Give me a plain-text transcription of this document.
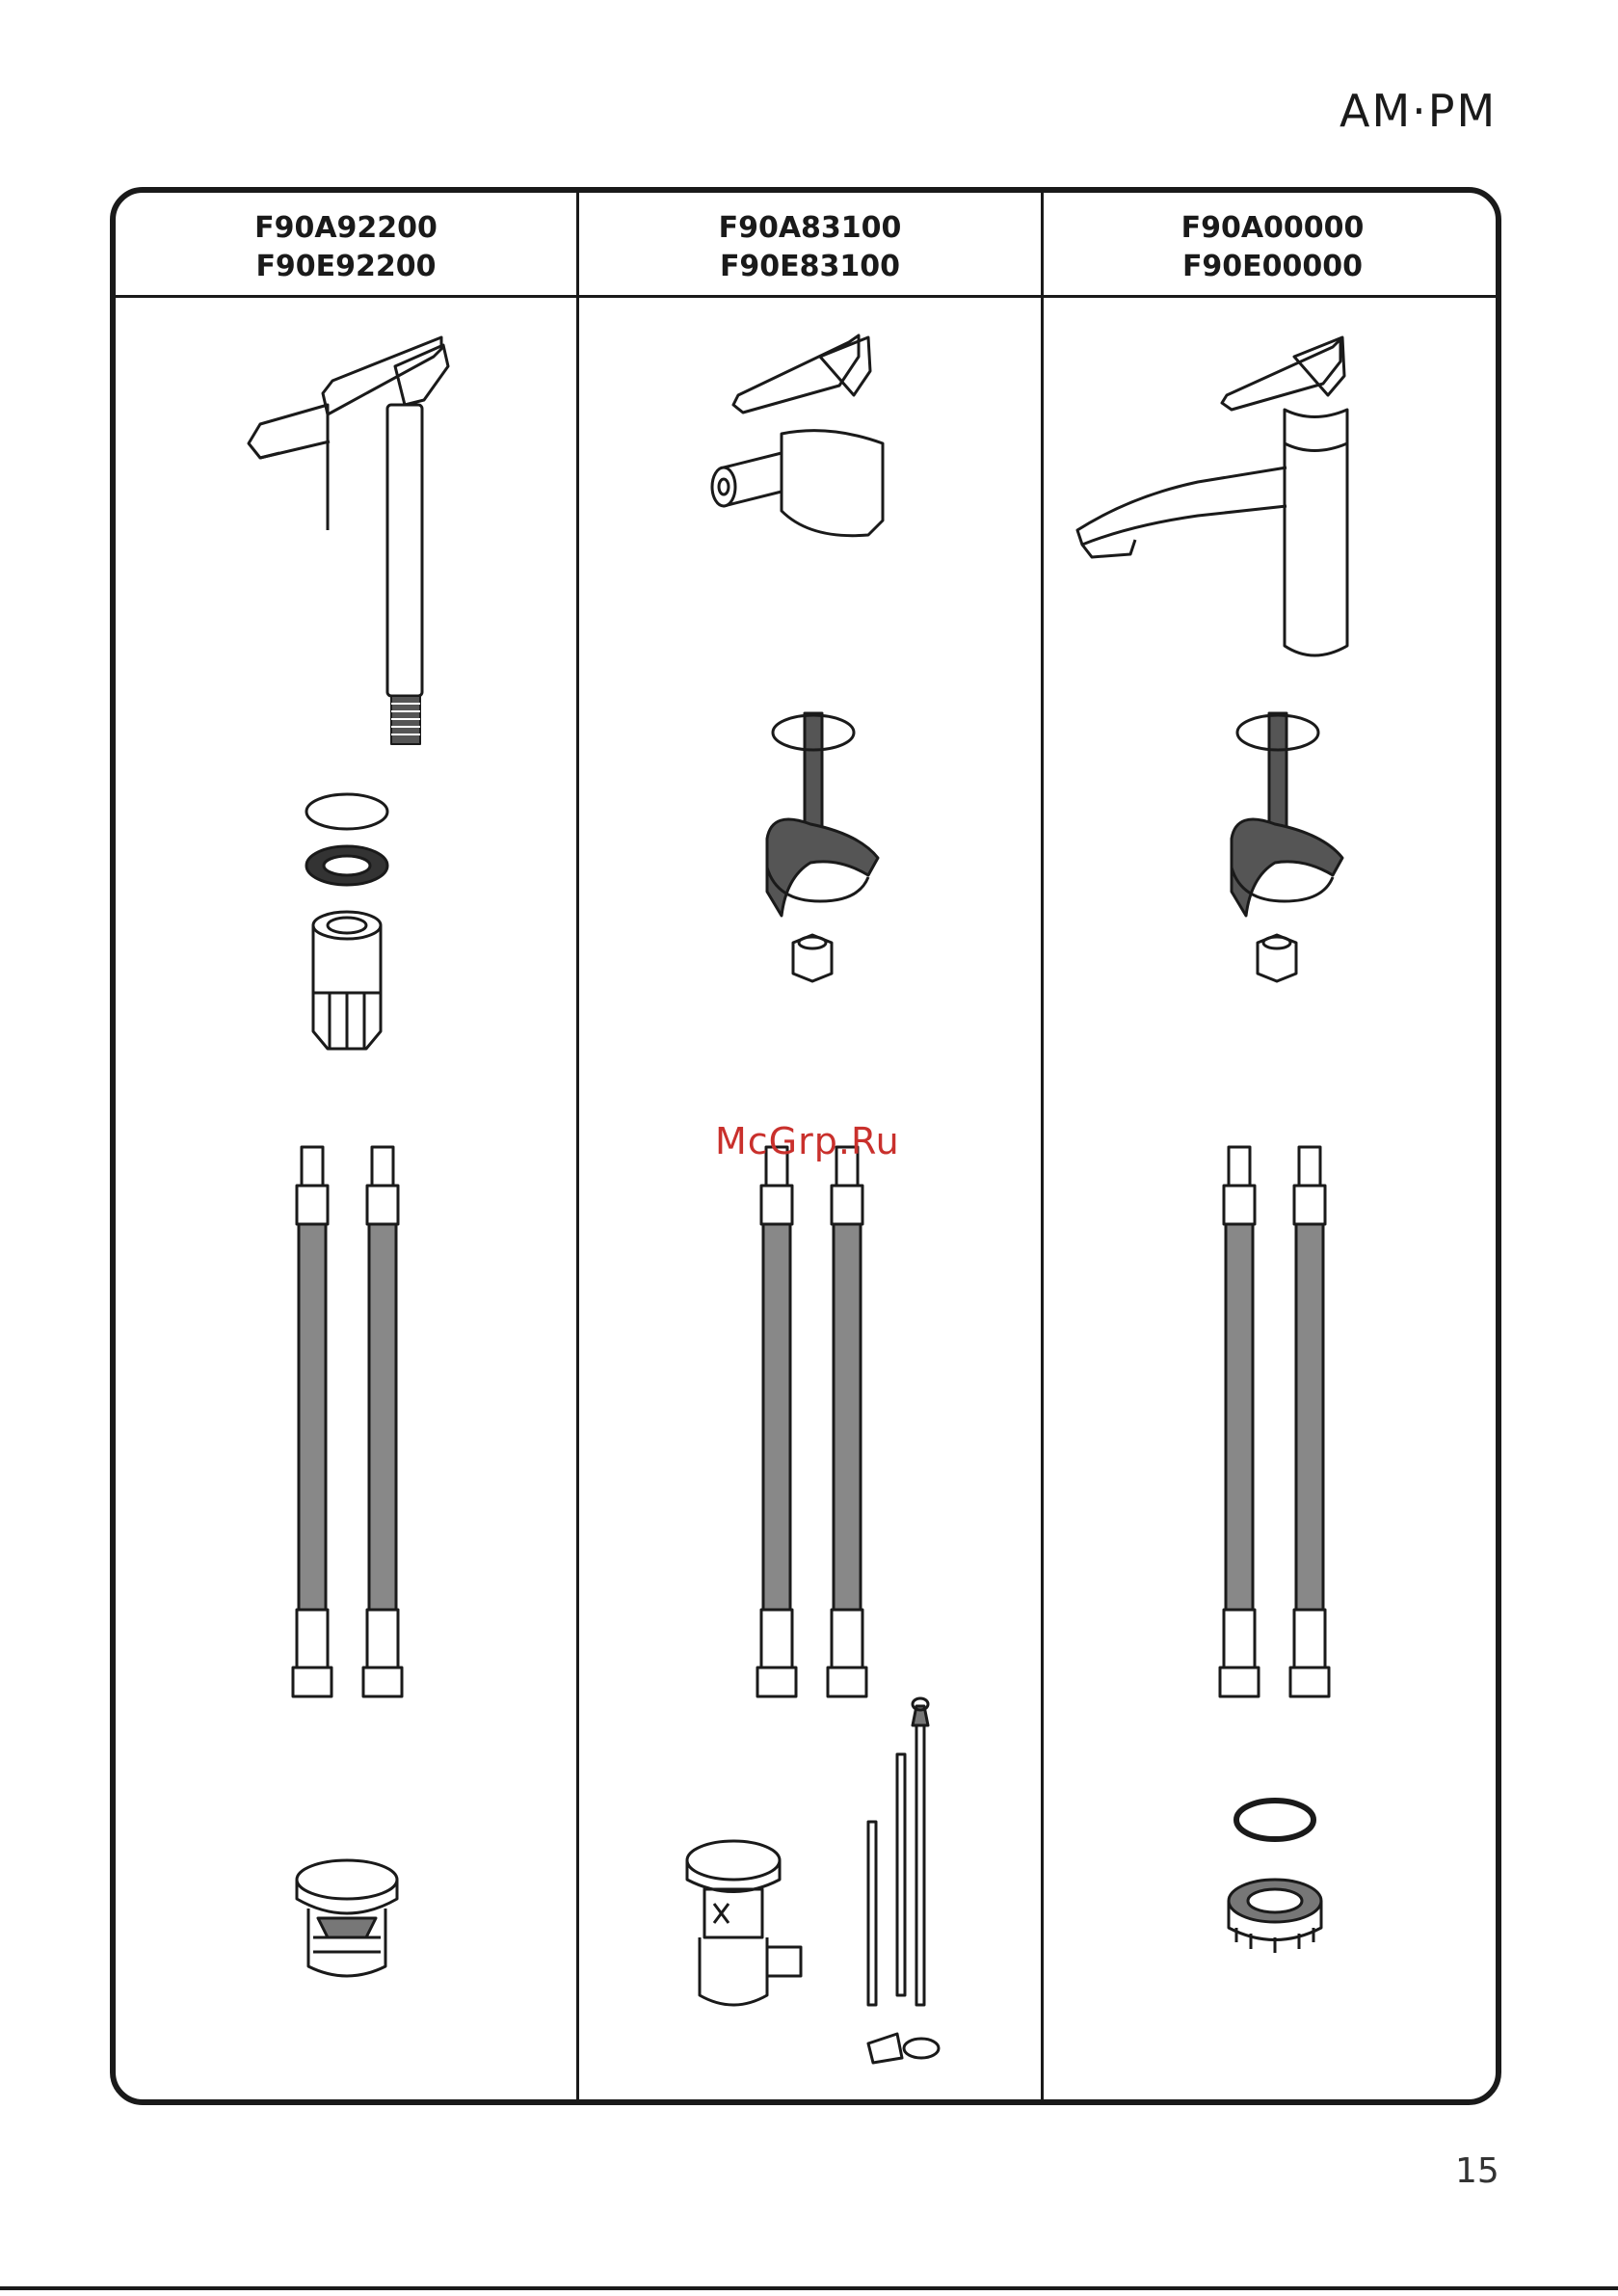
AM·PM
F90A92200
F90E92200
F90A83100
F90E83100
F90A00000
F90E00000
McGrp.Ru
15
